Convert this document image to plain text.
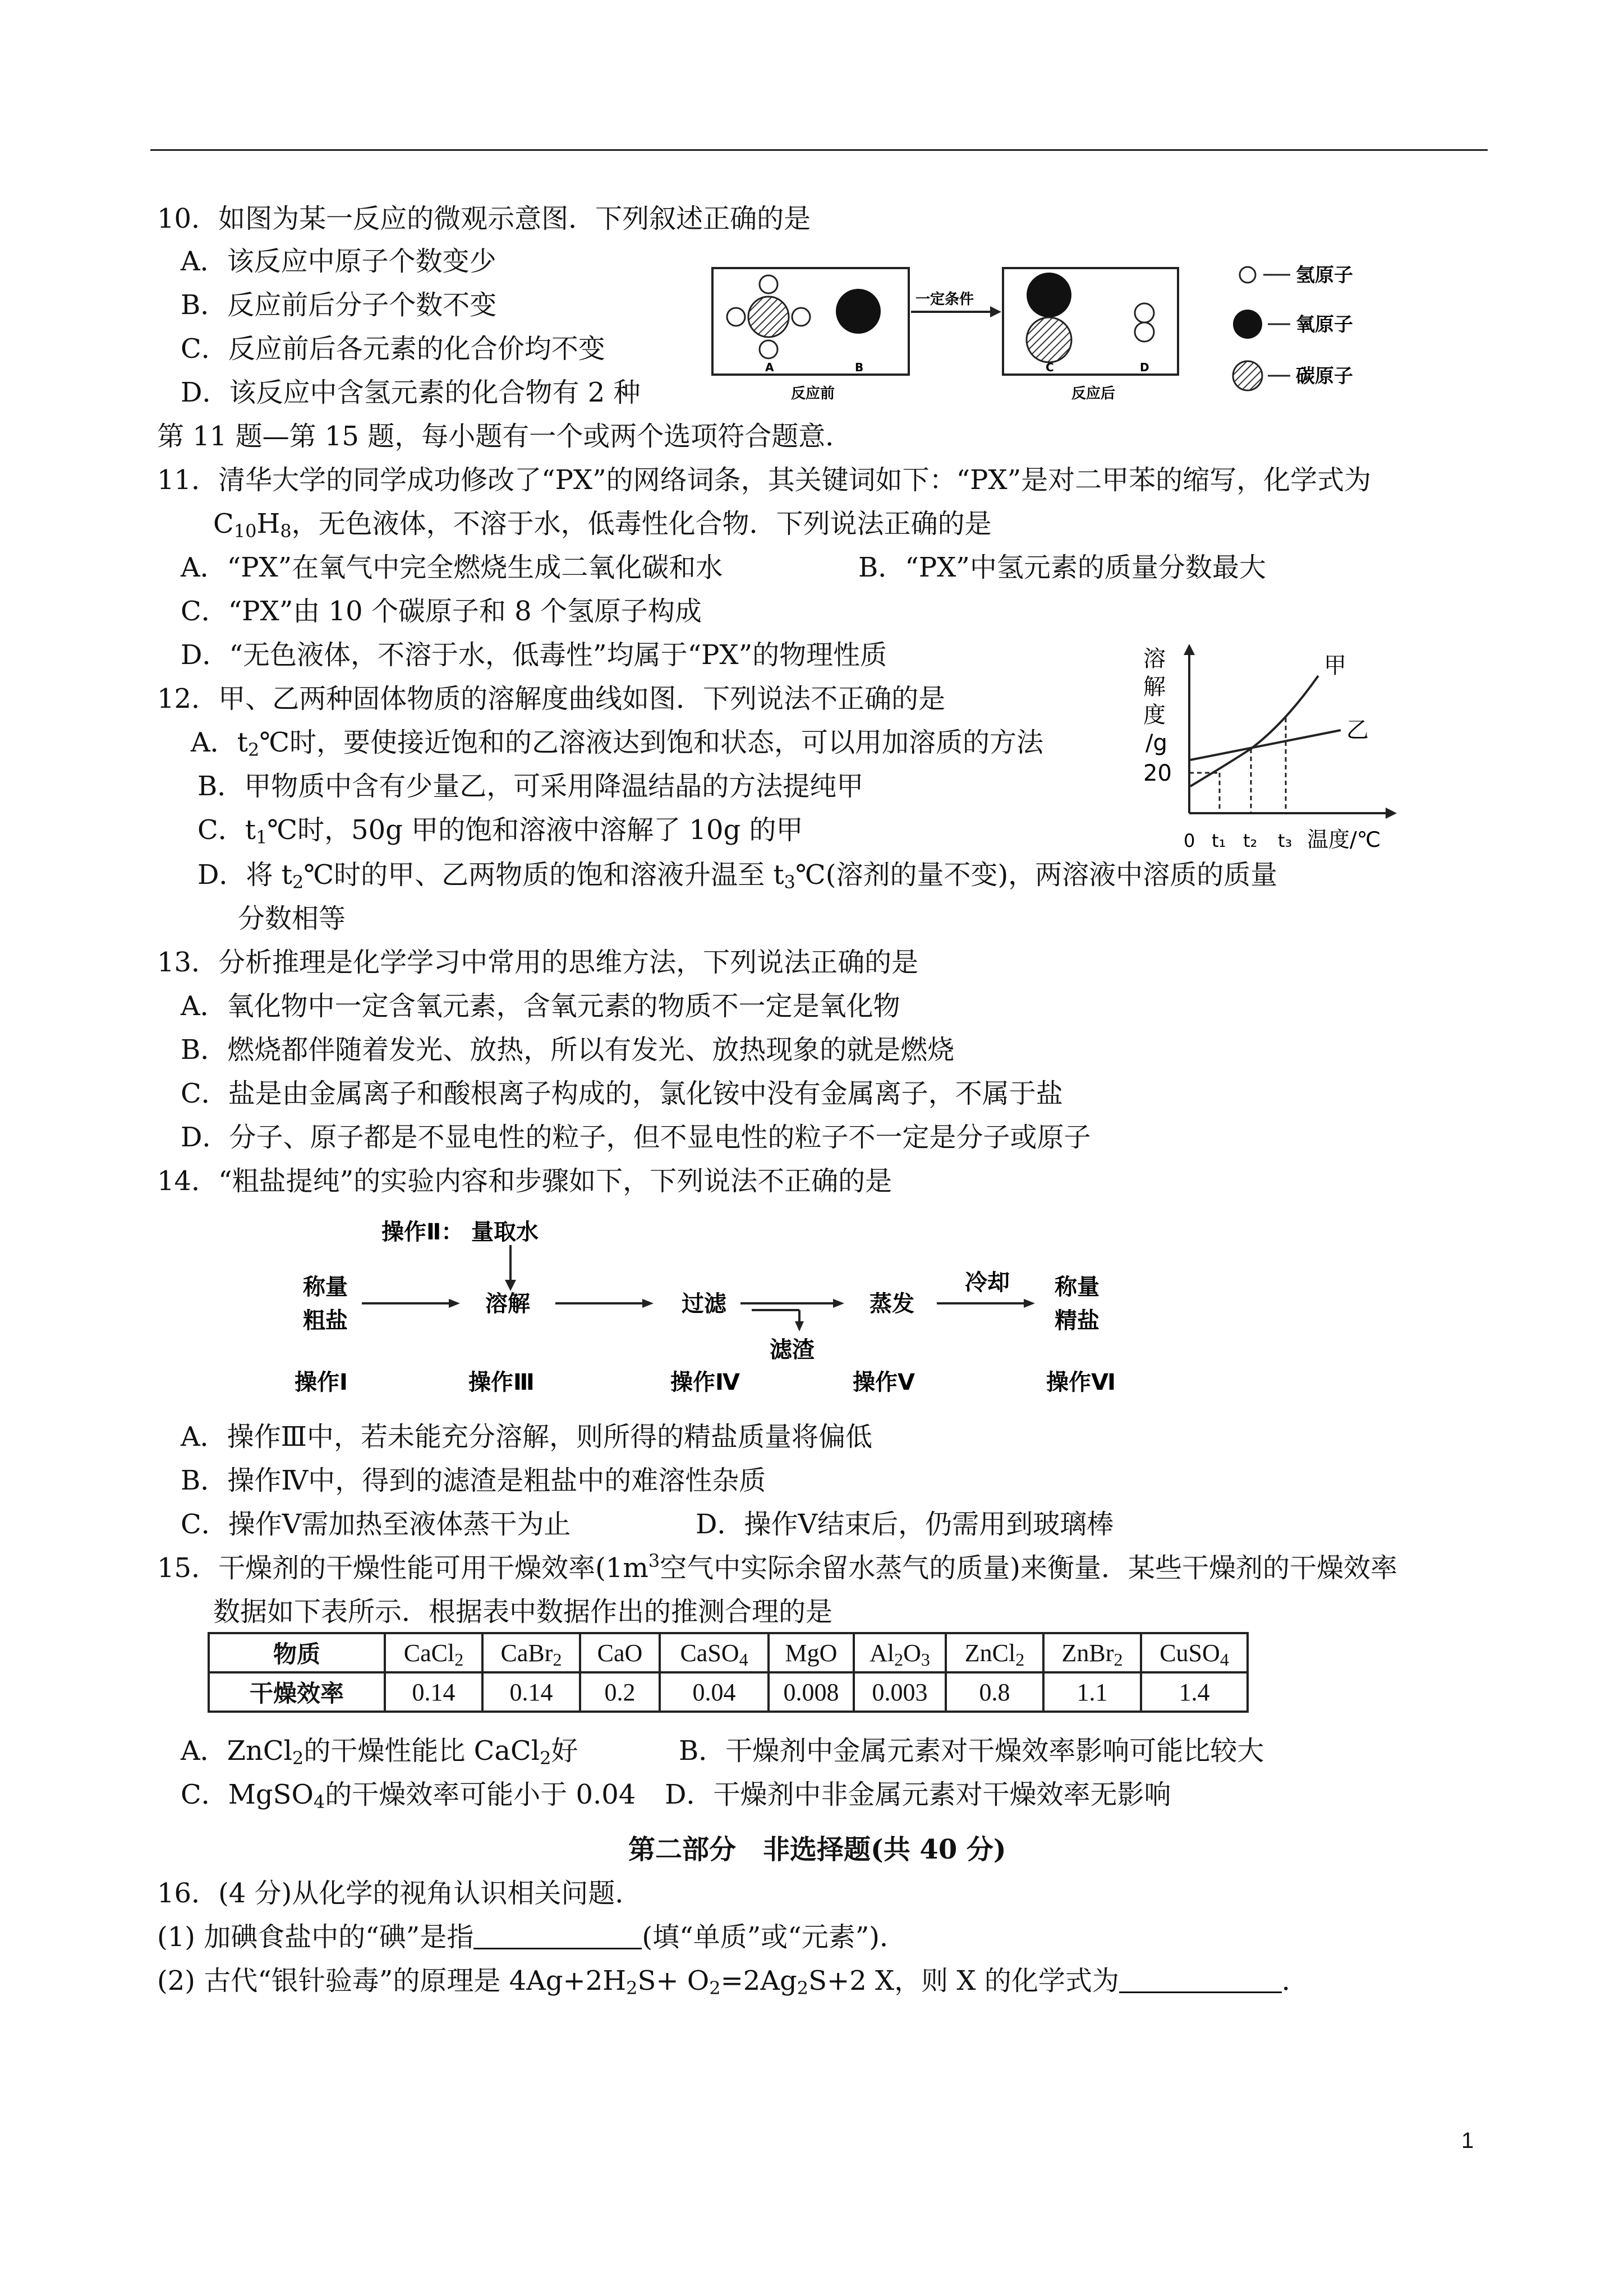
10．如图为某一反应的微观示意图．下列叙述正确的是
A．该反应中原子个数变少
B．反应前后分子个数不变
C．反应前后各元素的化合价均不变
D．该反应中含氢元素的化合物有 2 种
A	B
反应前
一定条件
C	D
反应后
氢原子
氧原子
碳原子
第 11 题—第 15 题，每小题有一个或两个选项符合题意．
11．清华大学的同学成功修改了“PX”的网络词条，其关键词如下：“PX”是对二甲苯的缩写，化学式为
$C_{10}H_8$，无色液体，不溶于水，低毒性化合物．下列说法正确的是
A．“PX”在氧气中完全燃烧生成二氧化碳和水	B．“PX”中氢元素的质量分数最大
C．“PX”由 10 个碳原子和 8 个氢原子构成
D．“无色液体，不溶于水，低毒性”均属于“PX”的物理性质
12．甲、乙两种固体物质的溶解度曲线如图．下列说法不正确的是
A．$t_2℃$时，要使接近饱和的乙溶液达到饱和状态，可以用加溶质的方法
B．甲物质中含有少量乙，可采用降温结晶的方法提纯甲
C．$t_1℃$时，50g 甲的饱和溶液中溶解了 10g 的甲
D．将 $t_2℃$时的甲、乙两物质的饱和溶液升温至 $t_3℃$(溶剂的量不变)，两溶液中溶质的质量
分数相等
溶
解
度
/g
20
甲
乙
0 t₁ t₂ t₃ 温度/℃
13．分析推理是化学学习中常用的思维方法，下列说法正确的是
A．氧化物中一定含氧元素，含氧元素的物质不一定是氧化物
B．燃烧都伴随着发光、放热，所以有发光、放热现象的就是燃烧
C．盐是由金属离子和酸根离子构成的，氯化铵中没有金属离子，不属于盐
D．分子、原子都是不显电性的粒子，但不显电性的粒子不一定是分子或原子
14．“粗盐提纯”的实验内容和步骤如下，下列说法不正确的是
操作Ⅱ： 量取水
称量
粗盐
溶解	过滤
滤渣
蒸发
冷却 称量
精盐
操作Ⅰ	操作Ⅲ	操作Ⅳ	操作Ⅴ	操作Ⅵ
A．操作Ⅲ中，若未能充分溶解，则所得的精盐质量将偏低
B．操作Ⅳ中，得到的滤渣是粗盐中的难溶性杂质
C．操作Ⅴ需加热至液体蒸干为止	D．操作Ⅴ结束后，仍需用到玻璃棒
15．干燥剂的干燥性能可用干燥效率($1m^3$空气中实际余留水蒸气的质量)来衡量．某些干燥剂的干燥效率
数据如下表所示．根据表中数据作出的推测合理的是
物质	CaCl$_2$	CaBr$_2$	CaO	CaSO$_4$	MgO	$Al_2O_3$	ZnCl$_2$	ZnBr$_2$	CuSO$_4$
干燥效率	0.14	0.14	0.2	0.04	0.008	0.003	0.8	1.1	1.4
A．ZnCl$_2$的干燥性能比 CaCl$_2$好	B．干燥剂中金属元素对干燥效率影响可能比较大
C．MgSO$_4$的干燥效率可能小于 0.04 D．干燥剂中非金属元素对干燥效率无影响
第二部分　非选择题(共 40 分)
16．(4 分)从化学的视角认识相关问题．
(1) 加碘食盐中的“碘”是指	(填“单质”或“元素”)．
(2) 古代“银针验毒”的原理是 $4Ag+2H_2S+ O_2=2Ag_2S+2$ X，则 X 的化学式为	．
1
